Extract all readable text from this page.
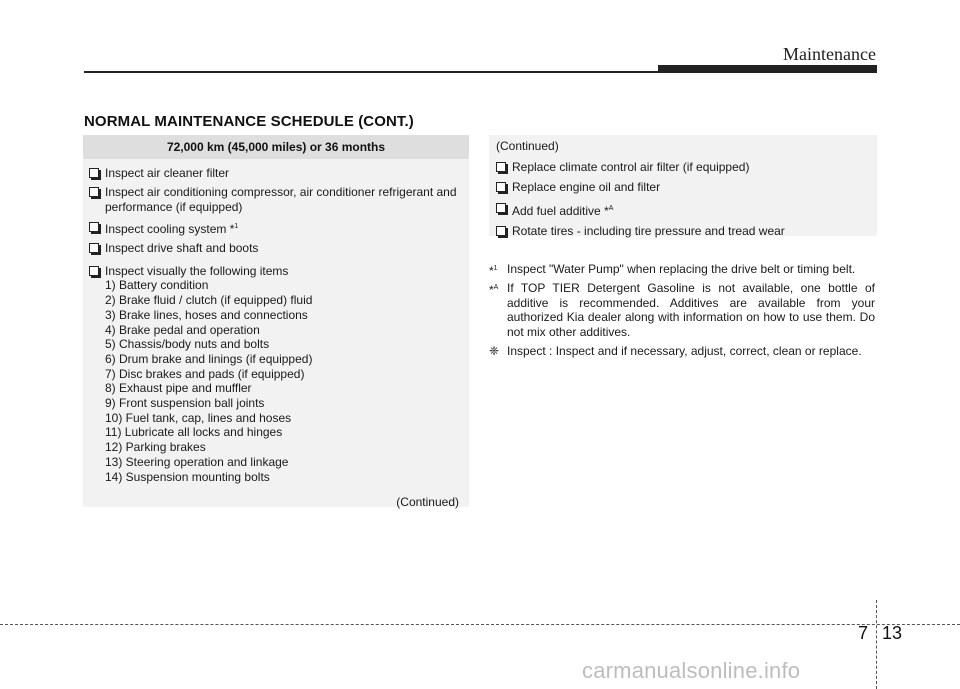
Maintenance
NORMAL MAINTENANCE SCHEDULE (CONT.)
72,000 km (45,000 miles) or 36 months
Inspect air cleaner filter
Inspect air conditioning compressor, air conditioner refrigerant and performance (if equipped)
Inspect cooling system *$^1$
Inspect drive shaft and boots
Inspect visually the following items
1) Battery condition
2) Brake fluid / clutch (if equipped) fluid
3) Brake lines, hoses and connections
4) Brake pedal and operation
5) Chassis/body nuts and bolts
6) Drum brake and linings (if equipped)
7) Disc brakes and pads (if equipped)
8) Exhaust pipe and muffler
9) Front suspension ball joints
10) Fuel tank, cap, lines and hoses
11) Lubricate all locks and hinges
12) Parking brakes
13) Steering operation and linkage
14) Suspension mounting bolts
(Continued)
(Continued)
Replace climate control air filter (if equipped)
Replace engine oil and filter
Add fuel additive *$^A$
Rotate tires - including tire pressure and tread wear
*$^1$ Inspect "Water Pump" when replacing the drive belt or timing belt.
*$^A$ If TOP TIER Detergent Gasoline is not available, one bottle of additive is recommended. Additives are available from your authorized Kia dealer along with information on how to use them. Do not mix other additives.
❈ Inspect : Inspect and if necessary, adjust, correct, clean or replace.
7 13
carmanualsonline.info
